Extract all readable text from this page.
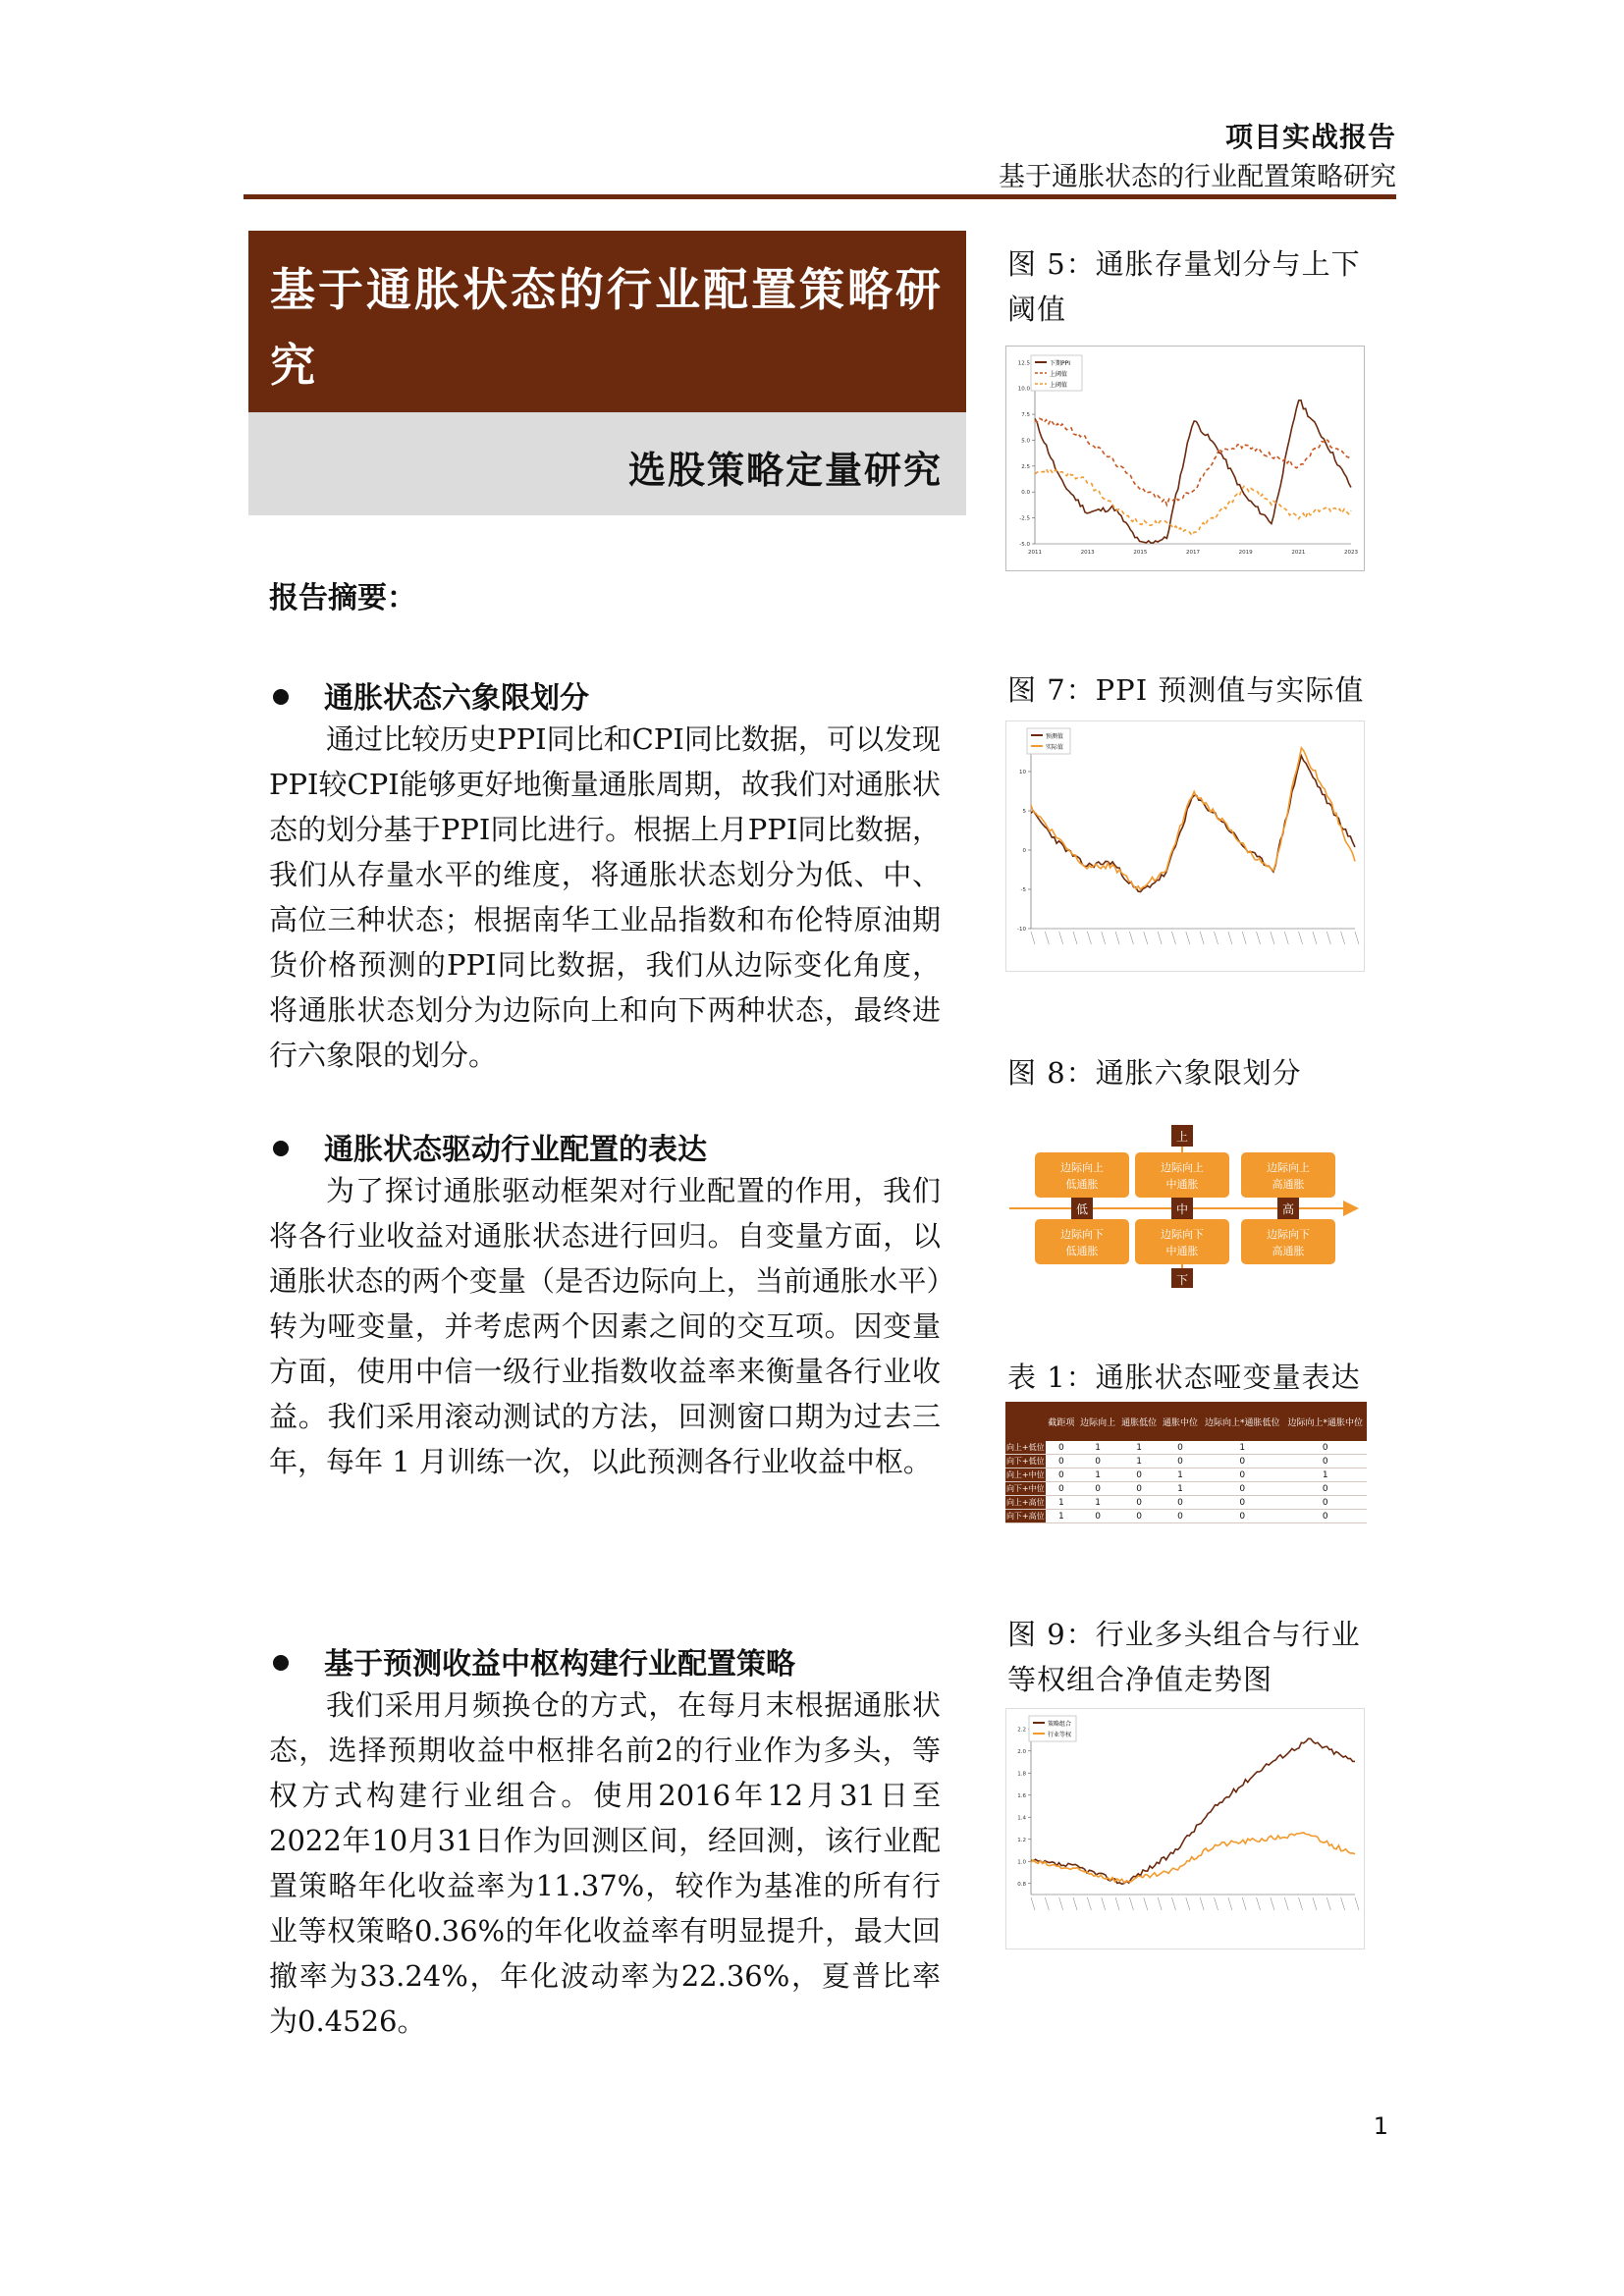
项目实战报告
基于通胀状态的行业配置策略研究
基于通胀状态的行业配置策略研究
选股策略定量研究
报告摘要：
通胀状态六象限划分
通过比较历史PPI同比和CPI同比数据，可以发现PPI较CPI能够更好地衡量通胀周期，故我们对通胀状态的划分基于PPI同比进行。根据上月PPI同比数据，我们从存量水平的维度，将通胀状态划分为低、中、高位三种状态；根据南华工业品指数和布伦特原油期货价格预测的PPI同比数据，我们从边际变化角度，将通胀状态划分为边际向上和向下两种状态，最终进行六象限的划分。
通胀状态驱动行业配置的表达
为了探讨通胀驱动框架对行业配置的作用，我们将各行业收益对通胀状态进行回归。自变量方面，以通胀状态的两个变量（是否边际向上，当前通胀水平）转为哑变量，并考虑两个因素之间的交互项。因变量方面，使用中信一级行业指数收益率来衡量各行业收益。我们采用滚动测试的方法，回测窗口期为过去三年，每年 1 月训练一次，以此预测各行业收益中枢。
基于预测收益中枢构建行业配置策略
我们采用月频换仓的方式，在每月末根据通胀状态，选择预期收益中枢排名前2的行业作为多头，等权方式构建行业组合。使用2016年12月31日至2022年10月31日作为回测区间，经回测，该行业配置策略年化收益率为11.37%，较作为基准的所有行业等权策略0.36%的年化收益率有明显提升，最大回撤率为33.24%，年化波动率为22.36%，夏普比率为0.4526。
图 5：通胀存量划分与上下阈值
12.5
10.0
7.5
5.0
2.5
0.0
-2.5
-5.0
2011	2013	2015	2017	2019	2021	2023
下期PPI
上阈值
上阈值
图 7：PPI 预测值与实际值
10
5
0
-5
-10
预测值
实际值
图 8：通胀六象限划分
边际向上
低通胀
边际向上
中通胀
边际向上
高通胀
边际向下
低通胀
边际向下
中通胀
边际向下
高通胀
上
下
低	中	高
表 1：通胀状态哑变量表达
	截距项	边际向上	通胀低位	通胀中位	边际向上*通胀低位	边际向上*通胀中位
向上+低位	0	1	1	0	1	0
向下+低位	0	0	1	0	0	0
向上+中位	0	1	0	1	0	1
向下+中位	0	0	0	1	0	0
向上+高位	1	1	0	0	0	0
向下+高位	1	0	0	0	0	0
图 9：行业多头组合与行业等权组合净值走势图
2.2
2.0
1.8
1.6
1.4
1.2
1.0
0.8
策略组合
行业等权
1
